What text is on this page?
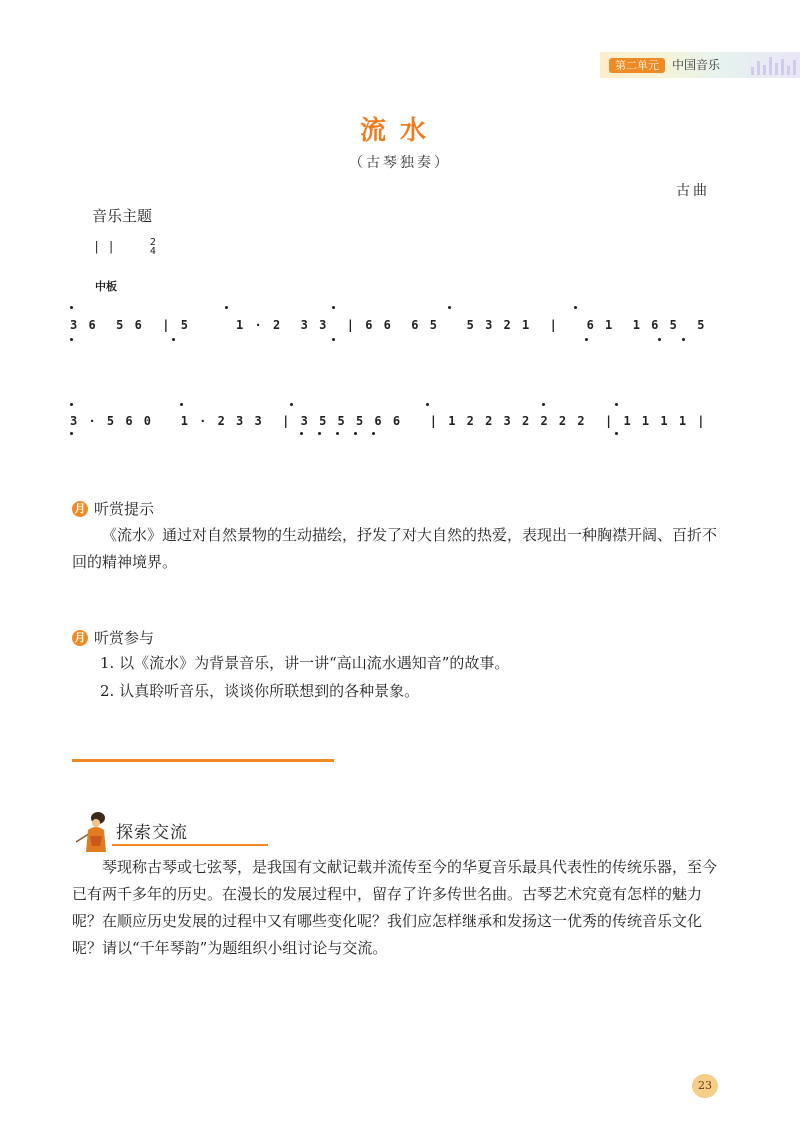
第二单元	中国音乐
流水
（古琴独奏）
古曲
音乐主题
| |	2
4
中板
3 6  5 6  | 5     1 · 2  3 3  | 6 6  6 5   5 3 2 1  |   6 1  1 6 5  5
3 · 5 6 0   1 · 2 3 3  | 3 5 5 5 6 6   | 1 2 2 3 2 2 2 2  | 1 1 1 1 |
月 听赏提示
《流水》通过对自然景物的生动描绘，抒发了对大自然的热爱，表现出一种胸襟开阔、百折不回的精神境界。
月 听赏参与
1. 以《流水》为背景音乐，讲一讲“高山流水遇知音”的故事。
2. 认真聆听音乐，谈谈你所联想到的各种景象。
探索交流
琴现称古琴或七弦琴，是我国有文献记载并流传至今的华夏音乐最具代表性的传统乐器，至今已有两千多年的历史。在漫长的发展过程中，留存了许多传世名曲。古琴艺术究竟有怎样的魅力呢？在顺应历史发展的过程中又有哪些变化呢？我们应怎样继承和发扬这一优秀的传统音乐文化呢？请以“千年琴韵”为题组织小组讨论与交流。
23
